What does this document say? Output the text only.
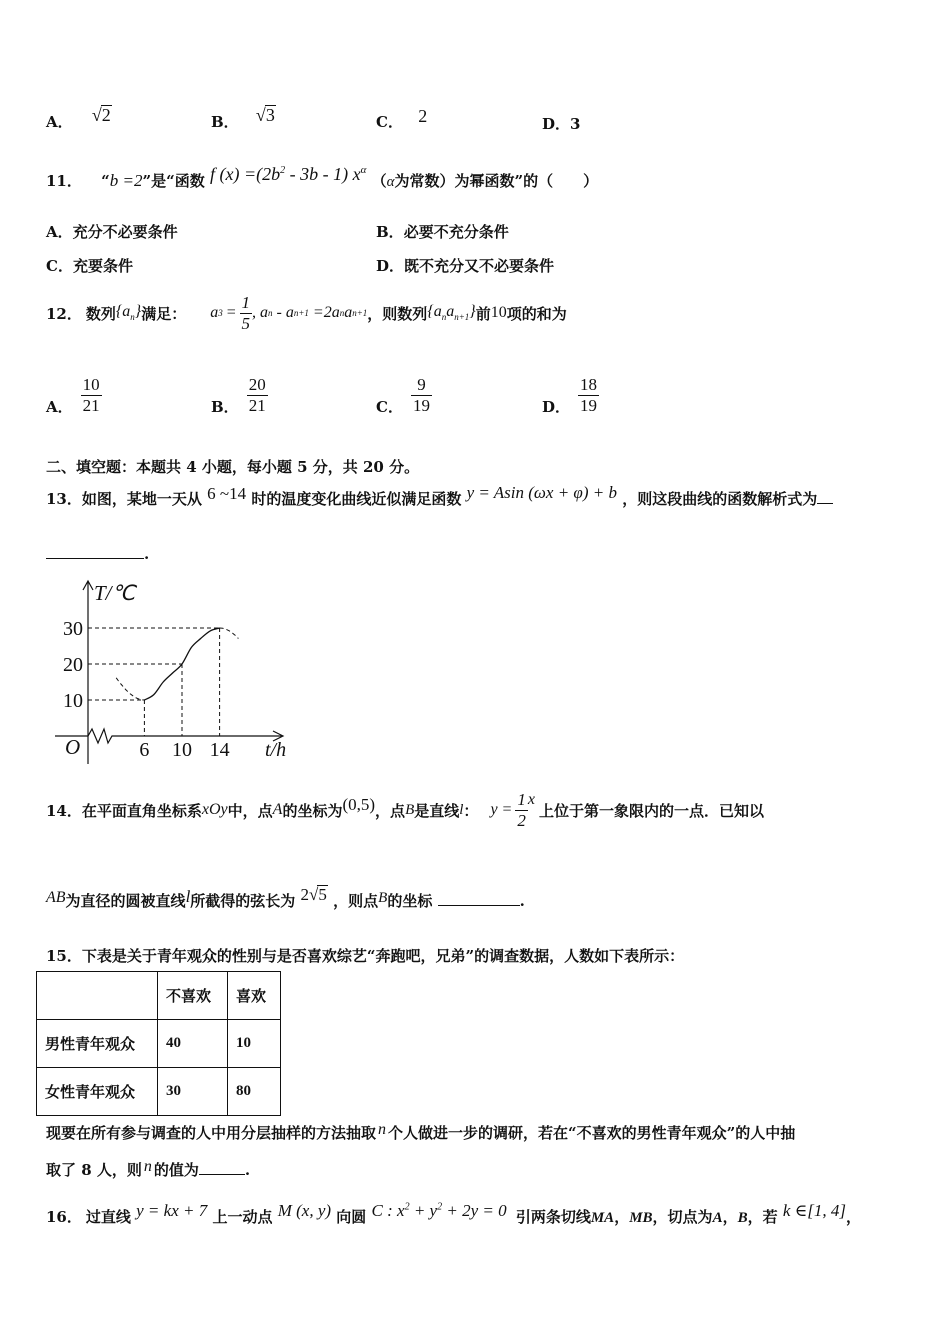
A． √2	B． √3	C． 2	D．3
11． “b =2”是“函数 f $(x) =(2b^2 - 3b - 1)$ $x^\alpha$ （α为常数）为幂函数”的（　　）
A．充分不必要条件	B．必要不充分条件
C．充要条件	D．既不充分又不必要条件
12． 数列 $\{a_n\}$ 满足： a $3 = \frac{1}{5}$ , a n - a n+1 =2a n a n+1 ，则数列 $\{a_na_{n+1}\}$ 前 10 项的和为
A． $\frac{10}{21}$	B． $\frac{20}{21}$	C． $\frac{9}{19}$	D． $\frac{18}{19}$
二、填空题：本题共 4 小题，每小题 5 分，共 20 分。
13．如图，某地一天从 6 ~14 时的温度变化曲线近似满足函数 y = Asin (ωx + φ) + b ，则这段曲线的函数解析式为
.
10
20
30
6 10 14
T/℃
t/h
O
14． 在平面直角坐标系 xOy 中，点 A 的坐标为 (0,5) ，点 B 是直线 l ： $y = \frac{1}{2}$ x
上位于第一象限内的一点．已知以
AB为直径的圆被直线l所截得的弦长为 2√5 ，则点B的坐标	.
15．下表是关于青年观众的性别与是否喜欢综艺“奔跑吧，兄弟”的调查数据，人数如下表所示：
	不喜欢	喜欢
男性青年观众	40	10
女性青年观众	30	80
现要在所有参与调查的人中用分层抽样的方法抽取 n 个人做进一步的调研，若在“不喜欢的男性青年观众”的人中抽
取了 8 人，则 n 的值为	.
16． 过直线 y = kx + 7 上一动点 M (x, y) 向圆 C : $x^2 + y^2 + 2y = 0$ 引两条切线MA，MB，切点为A，B，若 k ∈[1, 4]，
